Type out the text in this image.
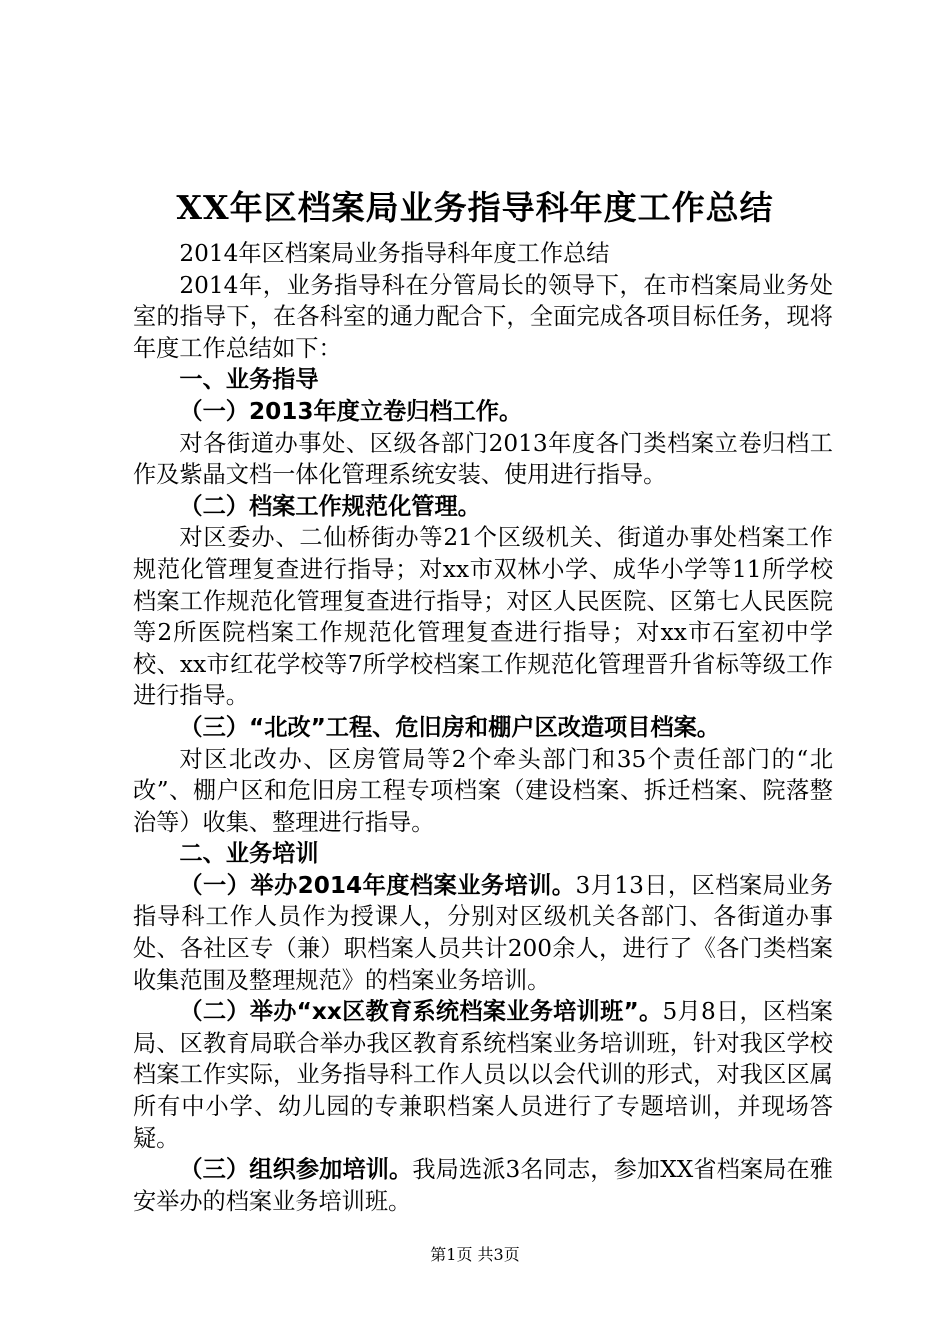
XX年区档案局业务指导科年度工作总结

2014年区档案局业务指导科年度工作总结

2014年，业务指导科在分管局长的领导下，在市档案局业务处室的指导下，在各科室的通力配合下，全面完成各项目标任务，现将年度工作总结如下：

一、业务指导

（一）2013年度立卷归档工作。

对各街道办事处、区级各部门2013年度各门类档案立卷归档工作及紫晶文档一体化管理系统安装、使用进行指导。

（二）档案工作规范化管理。

对区委办、二仙桥街办等21个区级机关、街道办事处档案工作规范化管理复查进行指导；对xx市双林小学、成华小学等11所学校档案工作规范化管理复查进行指导；对区人民医院、区第七人民医院等2所医院档案工作规范化管理复查进行指导；对xx市石室初中学校、xx市红花学校等7所学校档案工作规范化管理晋升省标等级工作进行指导。

（三）“北改”工程、危旧房和棚户区改造项目档案。

对区北改办、区房管局等2个牵头部门和35个责任部门的“北改”、棚户区和危旧房工程专项档案（建设档案、拆迁档案、院落整治等）收集、整理进行指导。

二、业务培训

（一）举办2014年度档案业务培训。3月13日，区档案局业务指导科工作人员作为授课人，分别对区级机关各部门、各街道办事处、各社区专（兼）职档案人员共计200余人，进行了《各门类档案收集范围及整理规范》的档案业务培训。

（二）举办“xx区教育系统档案业务培训班”。5月8日，区档案局、区教育局联合举办我区教育系统档案业务培训班，针对我区学校档案工作实际，业务指导科工作人员以以会代训的形式，对我区区属所有中小学、幼儿园的专兼职档案人员进行了专题培训，并现场答疑。

（三）组织参加培训。我局选派3名同志，参加XX省档案局在雅安举办的档案业务培训班。

第1页 共3页
